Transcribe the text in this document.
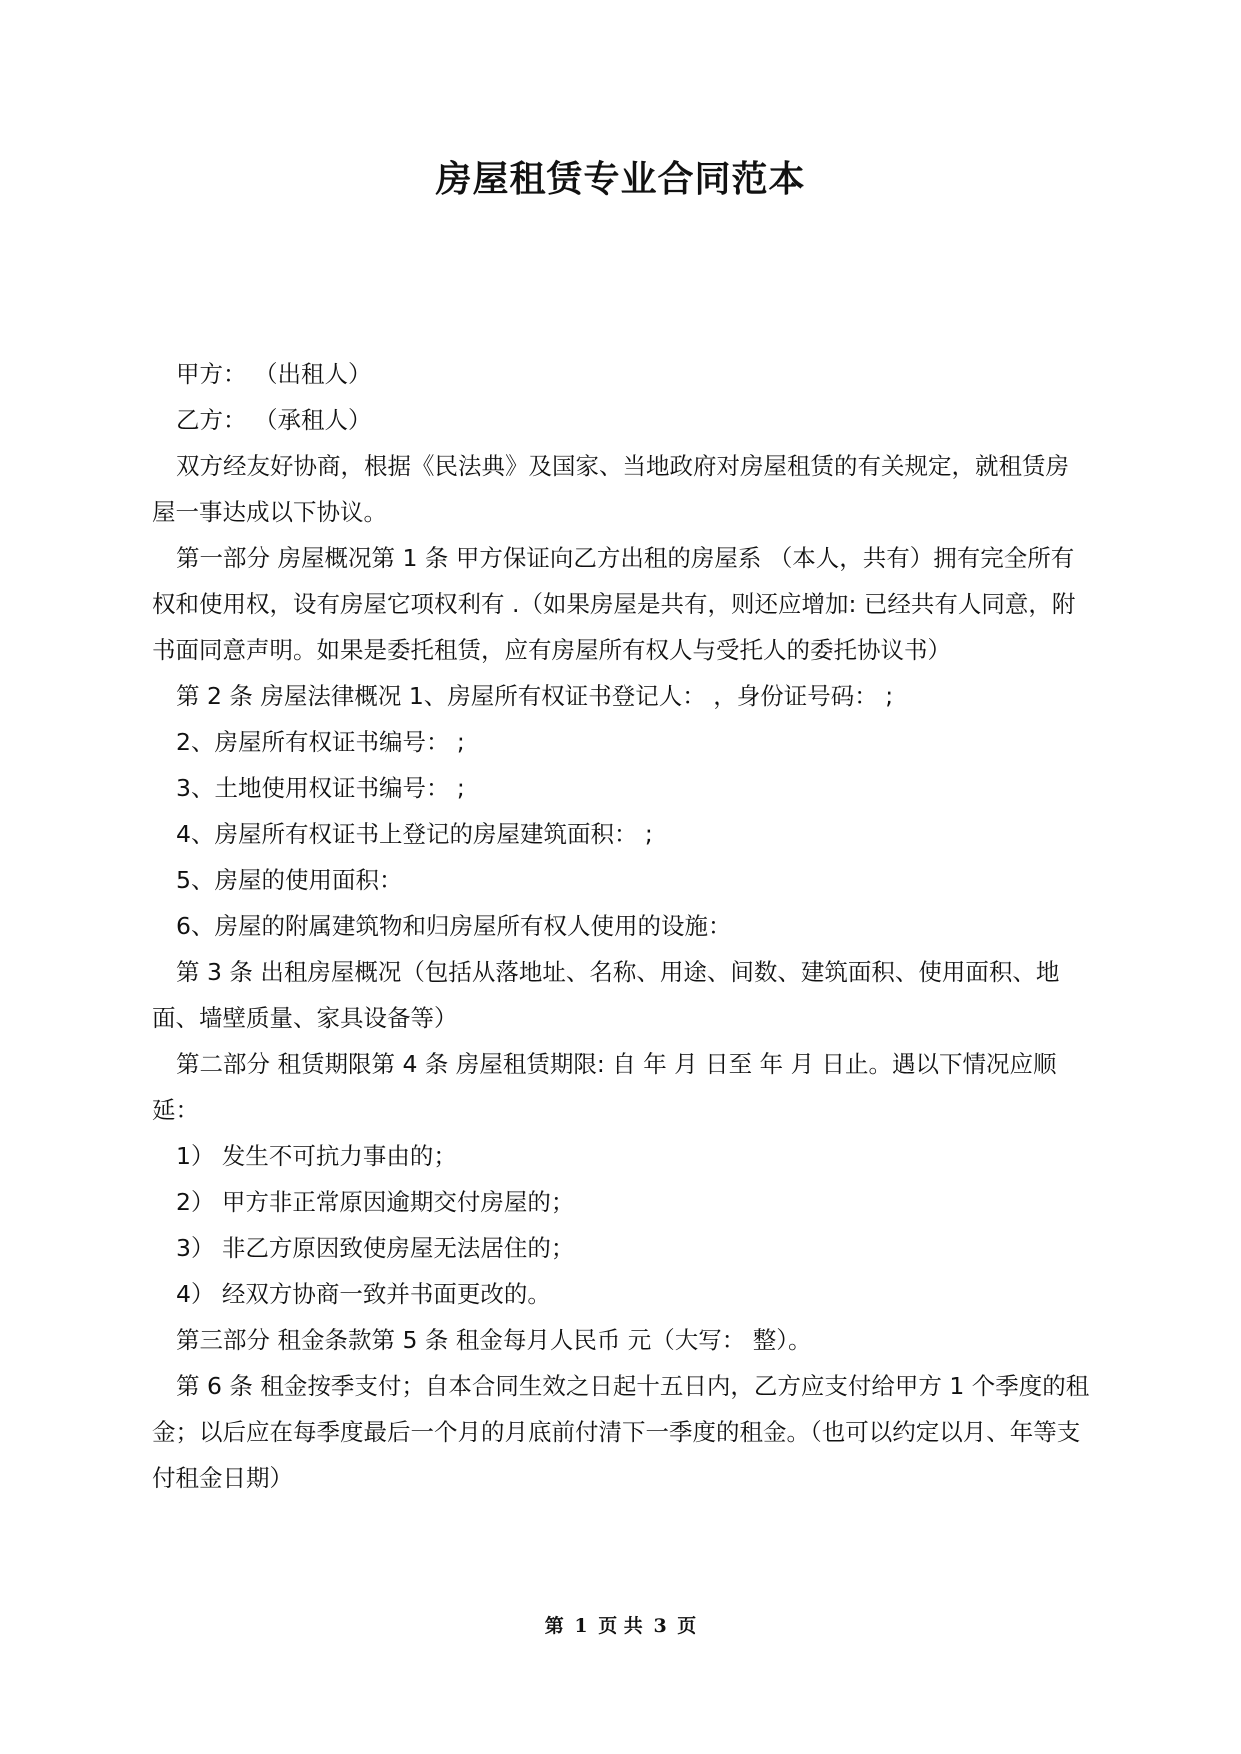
房屋租赁专业合同范本

甲方： （出租人）

乙方： （承租人）

双方经友好协商，根据《民法典》及国家、当地政府对房屋租赁的有关规定，就租赁房屋一事达成以下协议。

第一部分 房屋概况第 1 条 甲方保证向乙方出租的房屋系 （本人，共有）拥有完全所有权和使用权，设有房屋它项权利有 .（如果房屋是共有，则还应增加: 已经共有人同意，附书面同意声明。如果是委托租赁，应有房屋所有权人与受托人的委托协议书）

第 2 条 房屋法律概况 1、房屋所有权证书登记人： ，身份证号码： ;

2、房屋所有权证书编号： ;

3、土地使用权证书编号： ;

4、房屋所有权证书上登记的房屋建筑面积： ;

5、房屋的使用面积：

6、房屋的附属建筑物和归房屋所有权人使用的设施：

第 3 条 出租房屋概况（包括从落地址、名称、用途、间数、建筑面积、使用面积、地面、墙壁质量、家具设备等）

第二部分 租赁期限第 4 条 房屋租赁期限: 自 年 月 日至 年 月 日止。遇以下情况应顺延：

1） 发生不可抗力事由的；

2） 甲方非正常原因逾期交付房屋的；

3） 非乙方原因致使房屋无法居住的；

4） 经双方协商一致并书面更改的。

第三部分 租金条款第 5 条 租金每月人民币 元（大写： 整）。

第 6 条 租金按季支付；自本合同生效之日起十五日内，乙方应支付给甲方 1 个季度的租金；以后应在每季度最后一个月的月底前付清下一季度的租金。（也可以约定以月、年等支付租金日期）

第 1 页 共 3 页
